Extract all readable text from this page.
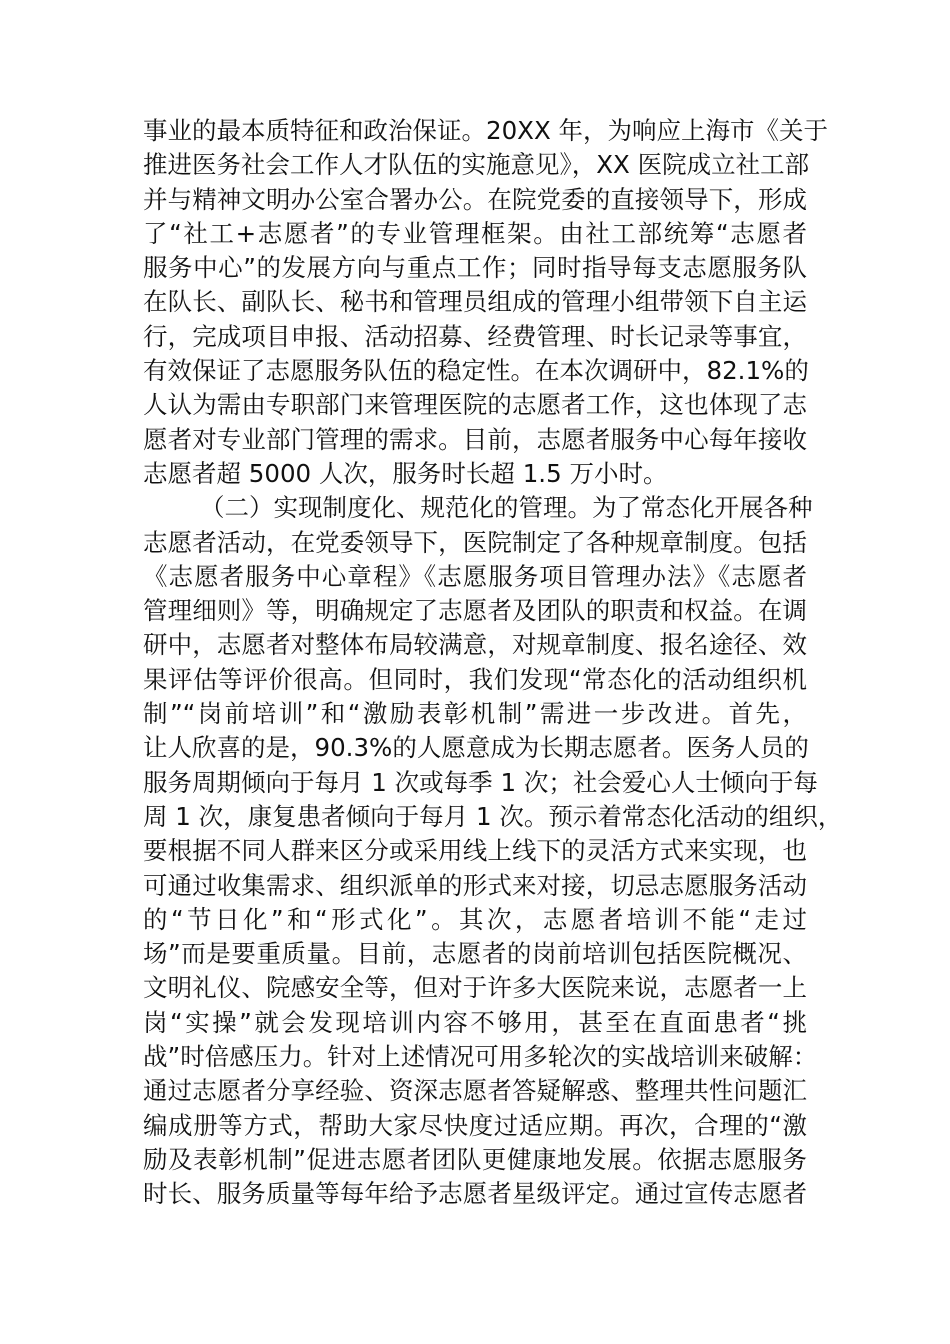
事业的最本质特征和政治保证。20XX 年，为响应上海市《关于
推进医务社会工作人才队伍的实施意见》，XX 医院成立社工部
并与精神文明办公室合署办公。在院党委的直接领导下，形成
了“社工+志愿者”的专业管理框架。由社工部统筹“志愿者
服务中心”的发展方向与重点工作；同时指导每支志愿服务队
在队长、副队长、秘书和管理员组成的管理小组带领下自主运
行，完成项目申报、活动招募、经费管理、时长记录等事宜，
有效保证了志愿服务队伍的稳定性。在本次调研中，82.1%的
人认为需由专职部门来管理医院的志愿者工作，这也体现了志
愿者对专业部门管理的需求。目前，志愿者服务中心每年接收
志愿者超 5000 人次，服务时长超 1.5 万小时。
（二）实现制度化、规范化的管理。为了常态化开展各种
志愿者活动，在党委领导下，医院制定了各种规章制度。包括
《志愿者服务中心章程》《志愿服务项目管理办法》《志愿者
管理细则》等，明确规定了志愿者及团队的职责和权益。在调
研中，志愿者对整体布局较满意，对规章制度、报名途径、效
果评估等评价很高。但同时，我们发现“常态化的活动组织机
制”“岗前培训”和“激励表彰机制”需进一步改进。首先，
让人欣喜的是，90.3%的人愿意成为长期志愿者。医务人员的
服务周期倾向于每月 1 次或每季 1 次；社会爱心人士倾向于每
周 1 次，康复患者倾向于每月 1 次。预示着常态化活动的组织，
要根据不同人群来区分或采用线上线下的灵活方式来实现，也
可通过收集需求、组织派单的形式来对接，切忌志愿服务活动
的“节日化”和“形式化”。其次，志愿者培训不能“走过
场”而是要重质量。目前，志愿者的岗前培训包括医院概况、
文明礼仪、院感安全等，但对于许多大医院来说，志愿者一上
岗“实操”就会发现培训内容不够用，甚至在直面患者“挑
战”时倍感压力。针对上述情况可用多轮次的实战培训来破解：
通过志愿者分享经验、资深志愿者答疑解惑、整理共性问题汇
编成册等方式，帮助大家尽快度过适应期。再次，合理的“激
励及表彰机制”促进志愿者团队更健康地发展。依据志愿服务
时长、服务质量等每年给予志愿者星级评定。通过宣传志愿者
